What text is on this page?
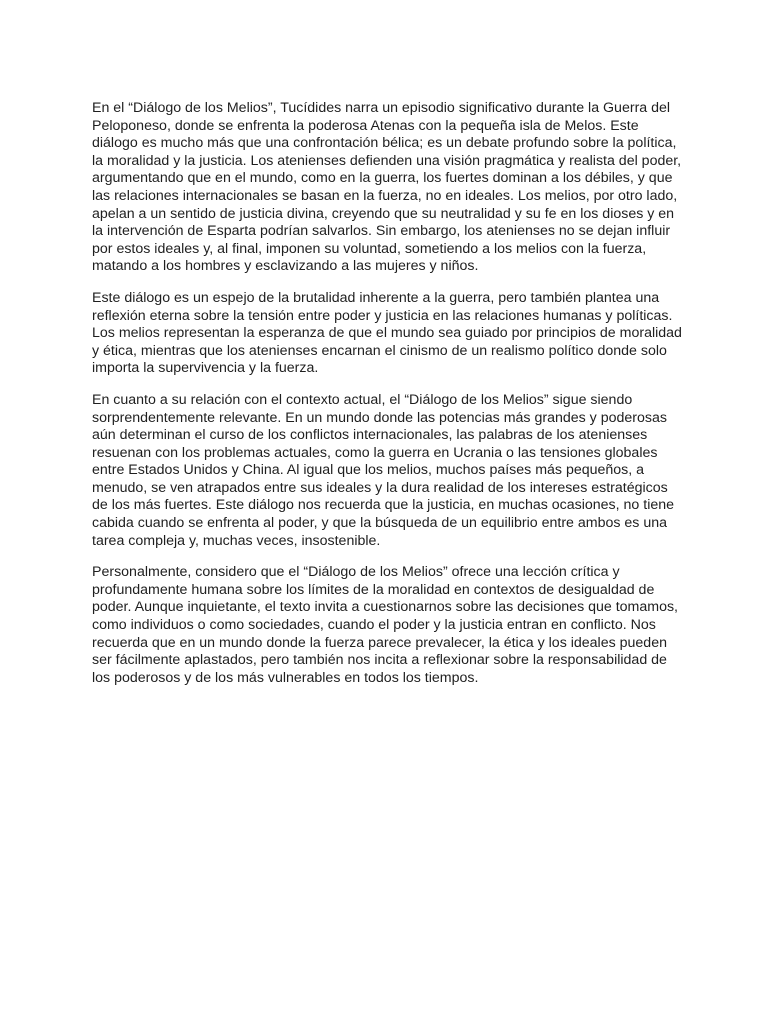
En el “Diálogo de los Melios”, Tucídides narra un episodio significativo durante la Guerra del Peloponeso, donde se enfrenta la poderosa Atenas con la pequeña isla de Melos. Este diálogo es mucho más que una confrontación bélica; es un debate profundo sobre la política, la moralidad y la justicia. Los atenienses defienden una visión pragmática y realista del poder, argumentando que en el mundo, como en la guerra, los fuertes dominan a los débiles, y que las relaciones internacionales se basan en la fuerza, no en ideales. Los melios, por otro lado, apelan a un sentido de justicia divina, creyendo que su neutralidad y su fe en los dioses y en la intervención de Esparta podrían salvarlos. Sin embargo, los atenienses no se dejan influir por estos ideales y, al final, imponen su voluntad, sometiendo a los melios con la fuerza, matando a los hombres y esclavizando a las mujeres y niños.

Este diálogo es un espejo de la brutalidad inherente a la guerra, pero también plantea una reflexión eterna sobre la tensión entre poder y justicia en las relaciones humanas y políticas. Los melios representan la esperanza de que el mundo sea guiado por principios de moralidad y ética, mientras que los atenienses encarnan el cinismo de un realismo político donde solo importa la supervivencia y la fuerza.

En cuanto a su relación con el contexto actual, el “Diálogo de los Melios” sigue siendo sorprendentemente relevante. En un mundo donde las potencias más grandes y poderosas aún determinan el curso de los conflictos internacionales, las palabras de los atenienses resuenan con los problemas actuales, como la guerra en Ucrania o las tensiones globales entre Estados Unidos y China. Al igual que los melios, muchos países más pequeños, a menudo, se ven atrapados entre sus ideales y la dura realidad de los intereses estratégicos de los más fuertes. Este diálogo nos recuerda que la justicia, en muchas ocasiones, no tiene cabida cuando se enfrenta al poder, y que la búsqueda de un equilibrio entre ambos es una tarea compleja y, muchas veces, insostenible.

Personalmente, considero que el “Diálogo de los Melios” ofrece una lección crítica y profundamente humana sobre los límites de la moralidad en contextos de desigualdad de poder. Aunque inquietante, el texto invita a cuestionarnos sobre las decisiones que tomamos, como individuos o como sociedades, cuando el poder y la justicia entran en conflicto. Nos recuerda que en un mundo donde la fuerza parece prevalecer, la ética y los ideales pueden ser fácilmente aplastados, pero también nos incita a reflexionar sobre la responsabilidad de los poderosos y de los más vulnerables en todos los tiempos.
